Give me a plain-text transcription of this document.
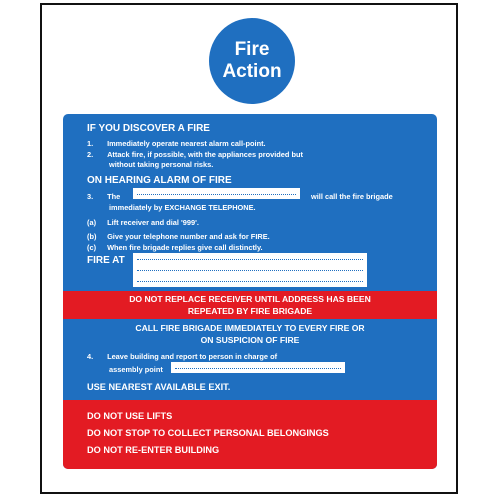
Fire
Action
IF YOU DISCOVER A FIRE
1. Immediately operate nearest alarm call-point.
2. Attack fire, if possible, with the appliances provided but
without taking personal risks.
ON HEARING ALARM OF FIRE
3. The	will call the fire brigade
immediately by EXCHANGE TELEPHONE.
(a) Lift receiver and dial '999'.
(b) Give your telephone number and ask for FIRE.
(c) When fire brigade replies give call distinctly.
FIRE AT
DO NOT REPLACE RECEIVER UNTIL ADDRESS HAS BEEN
REPEATED BY FIRE BRIGADE
CALL FIRE BRIGADE IMMEDIATELY TO EVERY FIRE OR
ON SUSPICION OF FIRE
4. Leave building and report to person in charge of
assembly point
USE NEAREST AVAILABLE EXIT.
DO NOT USE LIFTS
DO NOT STOP TO COLLECT PERSONAL BELONGINGS
DO NOT RE-ENTER BUILDING
